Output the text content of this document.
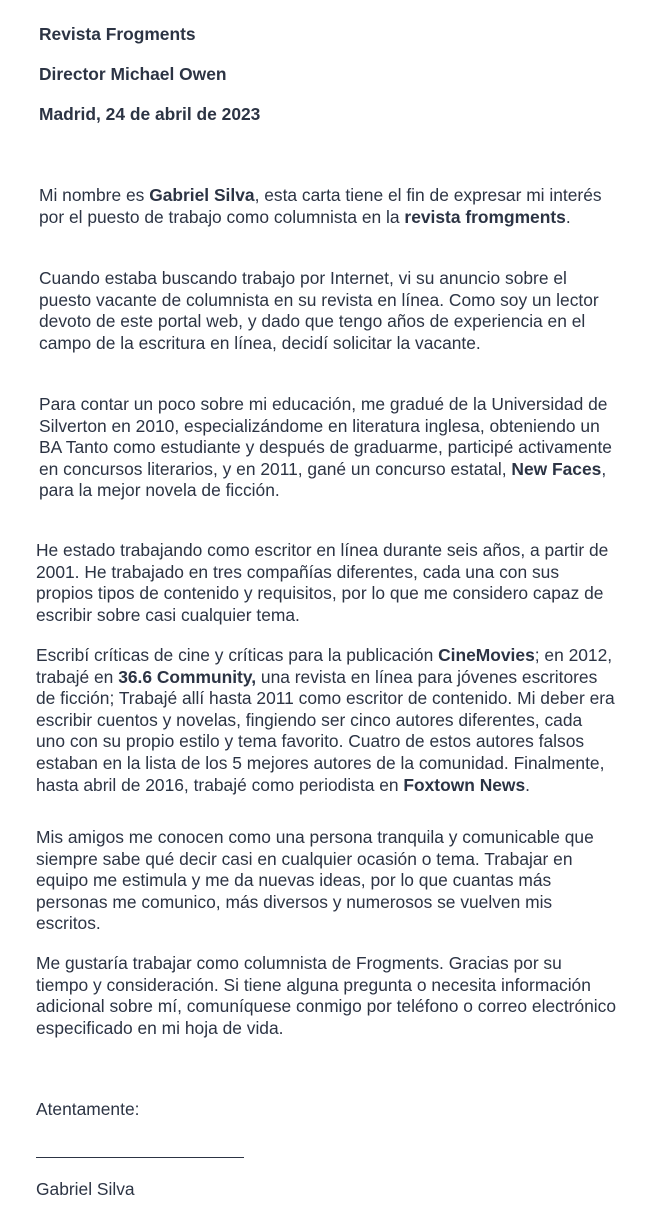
Revista Frogments

Director Michael Owen

Madrid, 24 de abril de 2023

Mi nombre es Gabriel Silva, esta carta tiene el fin de expresar mi interés por el puesto de trabajo como columnista en la revista fromgments.

Cuando estaba buscando trabajo por Internet, vi su anuncio sobre el puesto vacante de columnista en su revista en línea. Como soy un lector devoto de este portal web, y dado que tengo años de experiencia en el campo de la escritura en línea, decidí solicitar la vacante.

Para contar un poco sobre mi educación, me gradué de la Universidad de Silverton en 2010, especializándome en literatura inglesa, obteniendo un BA Tanto como estudiante y después de graduarme, participé activamente en concursos literarios, y en 2011, gané un concurso estatal, New Faces, para la mejor novela de ficción.

He estado trabajando como escritor en línea durante seis años, a partir de 2001. He trabajado en tres compañías diferentes, cada una con sus propios tipos de contenido y requisitos, por lo que me considero capaz de escribir sobre casi cualquier tema.

Escribí críticas de cine y críticas para la publicación CineMovies; en 2012, trabajé en 36.6 Community, una revista en línea para jóvenes escritores de ficción; Trabajé allí hasta 2011 como escritor de contenido. Mi deber era escribir cuentos y novelas, fingiendo ser cinco autores diferentes, cada uno con su propio estilo y tema favorito. Cuatro de estos autores falsos estaban en la lista de los 5 mejores autores de la comunidad. Finalmente, hasta abril de 2016, trabajé como periodista en Foxtown News.

Mis amigos me conocen como una persona tranquila y comunicable que siempre sabe qué decir casi en cualquier ocasión o tema. Trabajar en equipo me estimula y me da nuevas ideas, por lo que cuantas más personas me comunico, más diversos y numerosos se vuelven mis escritos.

Me gustaría trabajar como columnista de Frogments. Gracias por su tiempo y consideración. Si tiene alguna pregunta o necesita información adicional sobre mí, comuníquese conmigo por teléfono o correo electrónico especificado en mi hoja de vida.

Atentamente:

Gabriel Silva
